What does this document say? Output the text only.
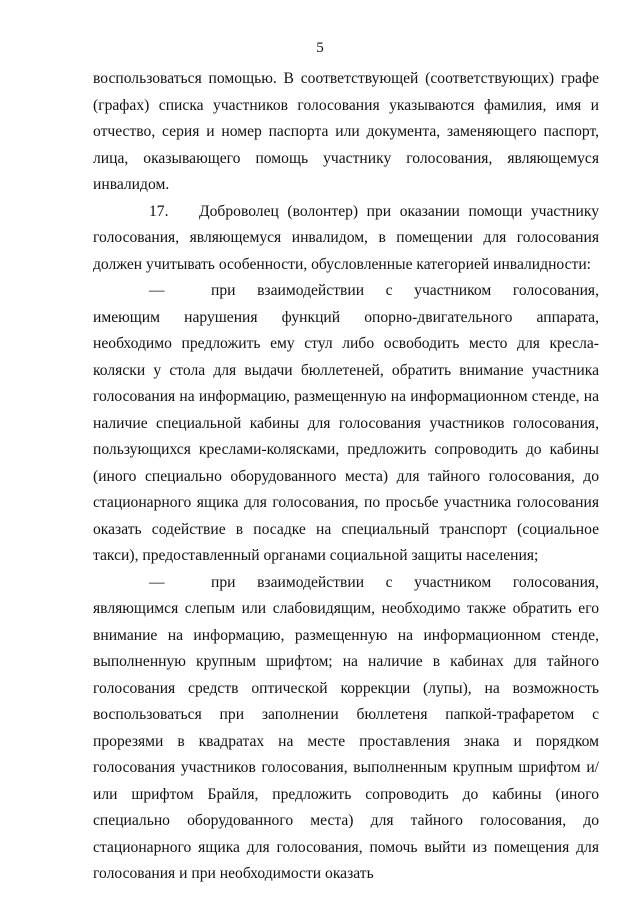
5

воспользоваться помощью. В соответствующей (соответствующих) графе (графах) списка участников голосования указываются фамилия, имя и отчество, серия и номер паспорта или документа, заменяющего паспорт, лица, оказывающего помощь участнику голосования, являющемуся инвалидом.

17. Доброволец (волонтер) при оказании помощи участнику голосования, являющемуся инвалидом, в помещении для голосования должен учитывать особенности, обусловленные категорией инвалидности:

—	при взаимодействии с участником голосования, имеющим нарушения функций опорно-двигательного аппарата, необходимо предложить ему стул либо освободить место для кресла-коляски у стола для выдачи бюллетеней, обратить внимание участника голосования на информацию, размещенную на информационном стенде, на наличие специальной кабины для голосования участников голосования, пользующихся креслами-колясками, предложить сопроводить до кабины (иного специально оборудованного места) для тайного голосования, до стационарного ящика для голосования, по просьбе участника голосования оказать содействие в посадке на специальный транспорт (социальное такси), предоставленный органами социальной защиты населения;

—	при взаимодействии с участником голосования, являющимся слепым или слабовидящим, необходимо также обратить его внимание на информацию, размещенную на информационном стенде, выполненную крупным шрифтом; на наличие в кабинах для тайного голосования средств оптической коррекции (лупы), на возможность воспользоваться при заполнении бюллетеня папкой-трафаретом с прорезями в квадратах на месте проставления знака и порядком голосования участников голосования, выполненным крупным шрифтом и/или шрифтом Брайля, предложить сопроводить до кабины (иного специально оборудованного места) для тайного голосования, до стационарного ящика для голосования, помочь выйти из помещения для голосования и при необходимости оказать
